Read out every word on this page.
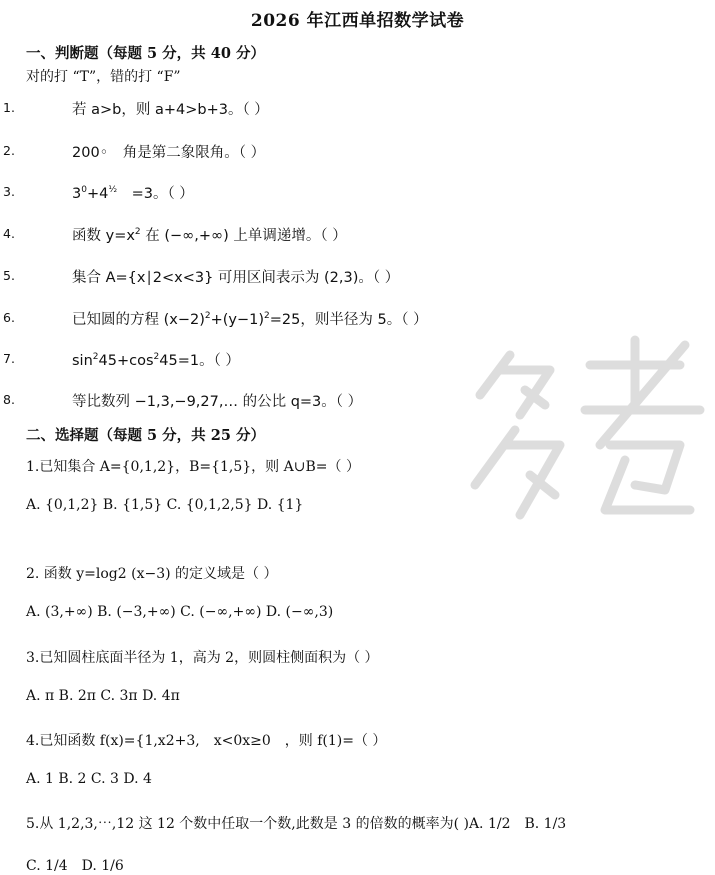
2026 年江西单招数学试卷
一、判断题（每题 5 分，共 40 分）
对的打 “T”，错的打 “F”
1.	若 a>b，则 a+4>b+3。（ ）
2.	200◦　角是第二象限角。（ ）
3.	$3^0+4^{\frac{1}{2}}$　=3。（ ）
4.	函数 $y=x^2$ 在 (−∞,+∞) 上单调递增。（ ）
5.	集合 A={x∣2<x<3} 可用区间表示为 (2,3)。（ ）
6.	已知圆的方程 $(x-2)^2+(y-1)^2=25$，则半径为 5。（ ）
7.	$\sin^245+\cos^245=1$。（ ）
8.	等比数列 −1,3,−9,27,… 的公比 q=3。（ ）
二、选择题（每题 5 分，共 25 分）
1.已知集合 A={0,1,2}，B={1,5}，则 A∪B=（ ）
A. {0,1,2} B. {1,5} C. {0,1,2,5} D. {1}
2. 函数 y=log2 (x−3) 的定义域是（ ）
A. (3,+∞) B. (−3,+∞) C. (−∞,+∞) D. (−∞,3)
3.已知圆柱底面半径为 1，高为 2，则圆柱侧面积为（ ）
A. π B. 2π C. 3π D. 4π
4.已知函数 f(x)={1,x2+3,　x<0x≥0　，则 f(1)=（ ）
A. 1 B. 2 C. 3 D. 4
5.从 1,2,3,⋯,12 这 12 个数中任取一个数,此数是 3 的倍数的概率为( )A. 1/2　B. 1/3
C. 1/4　D. 1/6
